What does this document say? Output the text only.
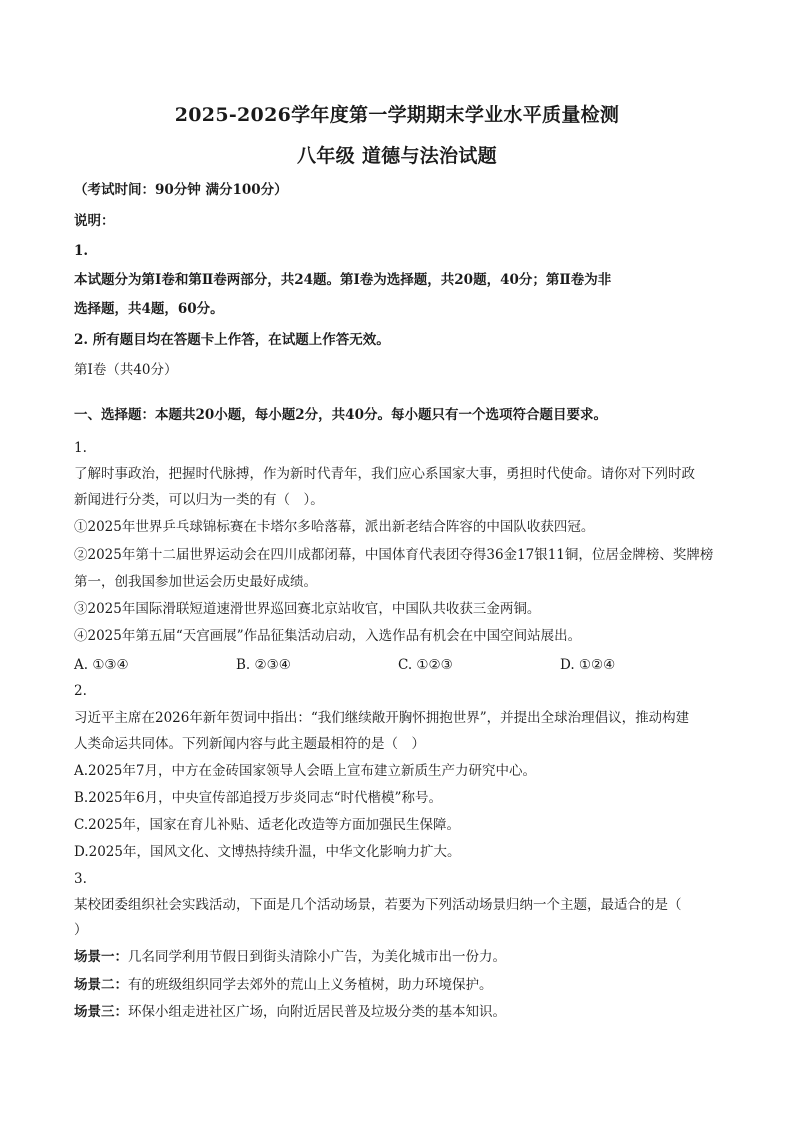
2025-2026学年度第一学期期末学业水平质量检测
八年级 道德与法治试题
（考试时间：90分钟 满分100分）
说明：
1.
本试题分为第Ⅰ卷和第Ⅱ卷两部分，共24题。第Ⅰ卷为选择题，共20题，40分；第Ⅱ卷为非
选择题，共4题，60分。
2. 所有题目均在答题卡上作答，在试题上作答无效。
第Ⅰ卷（共40分）
一、选择题：本题共20小题，每小题2分，共40分。每小题只有一个选项符合题目要求。
1.
了解时事政治，把握时代脉搏，作为新时代青年，我们应心系国家大事，勇担时代使命。请你对下列时政
新闻进行分类，可以归为一类的有（　）。
①2025年世界乒乓球锦标赛在卡塔尔多哈落幕，派出新老结合阵容的中国队收获四冠。
②2025年第十二届世界运动会在四川成都闭幕，中国体育代表团夺得36金17银11铜，位居金牌榜、奖牌榜
第一，创我国参加世运会历史最好成绩。
③2025年国际滑联短道速滑世界巡回赛北京站收官，中国队共收获三金两铜。
④2025年第五届“天宫画展”作品征集活动启动，入选作品有机会在中国空间站展出。
A. ①③④	B. ②③④	C. ①②③	D. ①②④
2.
习近平主席在2026年新年贺词中指出：“我们继续敞开胸怀拥抱世界”，并提出全球治理倡议，推动构建
人类命运共同体。下列新闻内容与此主题最相符的是（　）
A.2025年7月，中方在金砖国家领导人会晤上宣布建立新质生产力研究中心。
B.2025年6月，中央宣传部追授万步炎同志“时代楷模”称号。
C.2025年，国家在育儿补贴、适老化改造等方面加强民生保障。
D.2025年，国风文化、文博热持续升温，中华文化影响力扩大。
3.
某校团委组织社会实践活动，下面是几个活动场景，若要为下列活动场景归纳一个主题，最适合的是（
）
场景一：几名同学利用节假日到街头清除小广告，为美化城市出一份力。
场景二：有的班级组织同学去郊外的荒山上义务植树，助力环境保护。
场景三：环保小组走进社区广场，向附近居民普及垃圾分类的基本知识。
